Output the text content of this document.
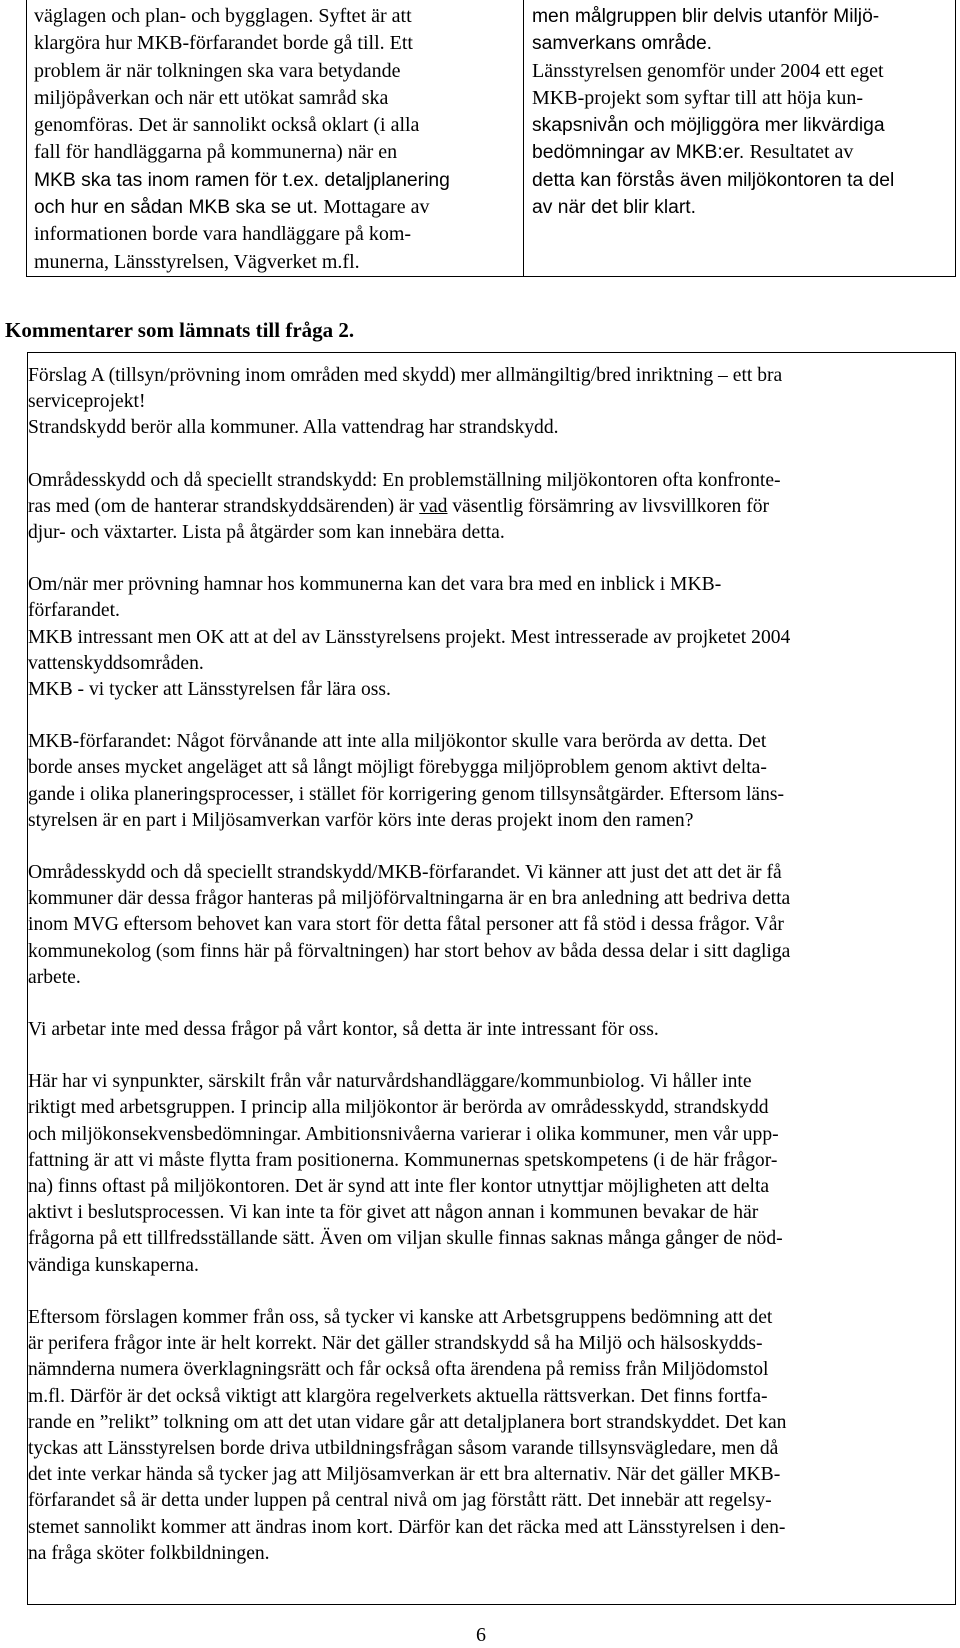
väglagen och plan- och bygglagen. Syftet är att
klargöra hur MKB-förfarandet borde gå till. Ett
problem är när tolkningen ska vara betydande
miljöpåverkan och när ett utökat samråd ska
genomföras. Det är sannolikt också oklart (i alla
fall för handläggarna på kommunerna) när en
MKB ska tas inom ramen för t.ex. detaljplanering
och hur en sådan MKB ska se ut. Mottagare av
informationen borde vara handläggare på kom-
munerna, Länsstyrelsen, Vägverket m.fl.
men målgruppen blir delvis utanför Miljö-
samverkans område.
Länsstyrelsen genomför under 2004 ett eget
MKB-projekt som syftar till att höja kun-
skapsnivån och möjliggöra mer likvärdiga
bedömningar av MKB:er. Resultatet av
detta kan förstås även miljökontoren ta del
av när det blir klart.
Kommentarer som lämnats till fråga 2.
Förslag A (tillsyn/prövning inom områden med skydd) mer allmängiltig/bred inriktning – ett bra
serviceprojekt!
Strandskydd berör alla kommuner. Alla vattendrag har strandskydd.
Områdesskydd och då speciellt strandskydd: En problemställning miljökontoren ofta konfronte-
ras med (om de hanterar strandskyddsärenden) är vad väsentlig försämring av livsvillkoren för
djur- och växtarter. Lista på åtgärder som kan innebära detta.
Om/när mer prövning hamnar hos kommunerna kan det vara bra med en inblick i MKB-
förfarandet.
MKB intressant men OK att at del av Länsstyrelsens projekt. Mest intresserade av projketet 2004
vattenskyddsområden.
MKB - vi tycker att Länsstyrelsen får lära oss.
MKB-förfarandet: Något förvånande att inte alla miljökontor skulle vara berörda av detta. Det
borde anses mycket angeläget att så långt möjligt förebygga miljöproblem genom aktivt delta-
gande i olika planeringsprocesser, i stället för korrigering genom tillsynsåtgärder. Eftersom läns-
styrelsen är en part i Miljösamverkan varför körs inte deras projekt inom den ramen?
Områdesskydd och då speciellt strandskydd/MKB-förfarandet. Vi känner att just det att det är få
kommuner där dessa frågor hanteras på miljöförvaltningarna är en bra anledning att bedriva detta
inom MVG eftersom behovet kan vara stort för detta fåtal personer att få stöd i dessa frågor. Vår
kommunekolog (som finns här på förvaltningen) har stort behov av båda dessa delar i sitt dagliga
arbete.
Vi arbetar inte med dessa frågor på vårt kontor, så detta är inte intressant för oss.
Här har vi synpunkter, särskilt från vår naturvårdshandläggare/kommunbiolog. Vi håller inte
riktigt med arbetsgruppen. I princip alla miljökontor är berörda av områdesskydd, strandskydd
och miljökonsekvensbedömningar. Ambitionsnivåerna varierar i olika kommuner, men vår upp-
fattning är att vi måste flytta fram positionerna. Kommunernas spetskompetens (i de här frågor-
na) finns oftast på miljökontoren. Det är synd att inte fler kontor utnyttjar möjligheten att delta
aktivt i beslutsprocessen. Vi kan inte ta för givet att någon annan i kommunen bevakar de här
frågorna på ett tillfredsställande sätt. Även om viljan skulle finnas saknas många gånger de nöd-
vändiga kunskaperna.
Eftersom förslagen kommer från oss, så tycker vi kanske att Arbetsgruppens bedömning att det
är perifera frågor inte är helt korrekt. När det gäller strandskydd så ha Miljö och hälsoskydds-
nämnderna numera överklagningsrätt och får också ofta ärendena på remiss från Miljödomstol
m.fl. Därför är det också viktigt att klargöra regelverkets aktuella rättsverkan. Det finns fortfa-
rande en ”relikt” tolkning om att det utan vidare går att detaljplanera bort strandskyddet. Det kan
tyckas att Länsstyrelsen borde driva utbildningsfrågan såsom varande tillsynsvägledare, men då
det inte verkar hända så tycker jag att Miljösamverkan är ett bra alternativ. När det gäller MKB-
förfarandet så är detta under luppen på central nivå om jag förstått rätt. Det innebär att regelsy-
stemet sannolikt kommer att ändras inom kort. Därför kan det räcka med att Länsstyrelsen i den-
na fråga sköter folkbildningen.
6
